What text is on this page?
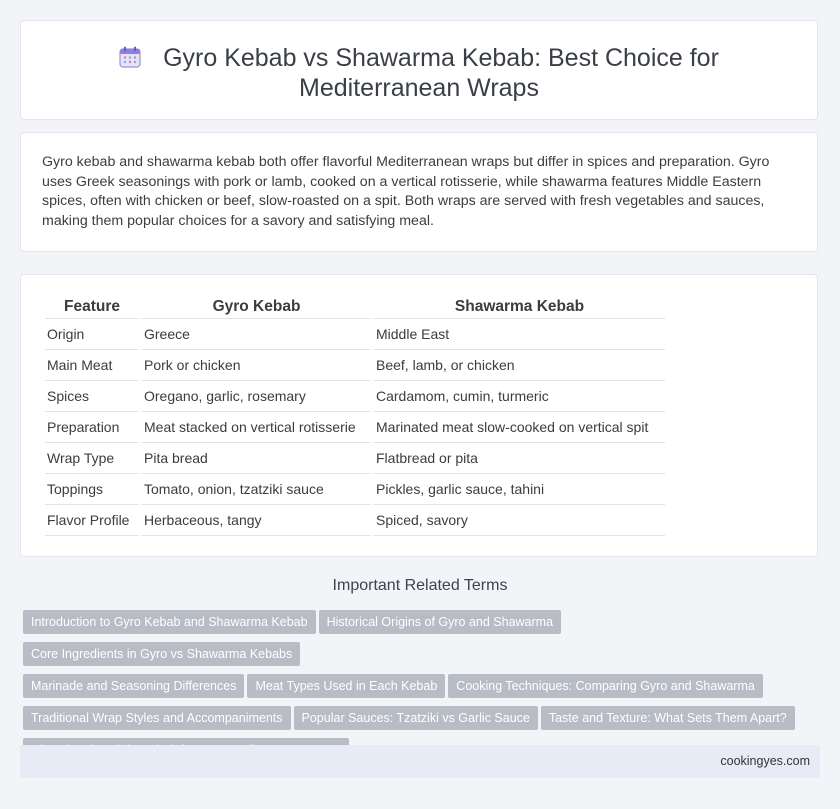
Gyro Kebab vs Shawarma Kebab: Best Choice for Mediterranean Wraps
Gyro kebab and shawarma kebab both offer flavorful Mediterranean wraps but differ in spices and preparation. Gyro uses Greek seasonings with pork or lamb, cooked on a vertical rotisserie, while shawarma features Middle Eastern spices, often with chicken or beef, slow-roasted on a spit. Both wraps are served with fresh vegetables and sauces, making them popular choices for a savory and satisfying meal.
Feature	Gyro Kebab	Shawarma Kebab
Origin	Greece	Middle East
Main Meat	Pork or chicken	Beef, lamb, or chicken
Spices	Oregano, garlic, rosemary	Cardamom, cumin, turmeric
Preparation	Meat stacked on vertical rotisserie	Marinated meat slow-cooked on vertical spit
Wrap Type	Pita bread	Flatbread or pita
Toppings	Tomato, onion, tzatziki sauce	Pickles, garlic sauce, tahini
Flavor Profile	Herbaceous, tangy	Spiced, savory
Important Related Terms
Introduction to Gyro Kebab and Shawarma Kebab Historical Origins of Gyro and ShawarmaCore Ingredients in Gyro vs Shawarma Kebabs
Marinade and Seasoning Differences Meat Types Used in Each Kebab Cooking Techniques: Comparing Gyro and Shawarma
Traditional Wrap Styles and Accompaniments Popular Sauces: Tzatziki vs Garlic Sauce Taste and Texture: What Sets Them Apart?

cookingyes.com
